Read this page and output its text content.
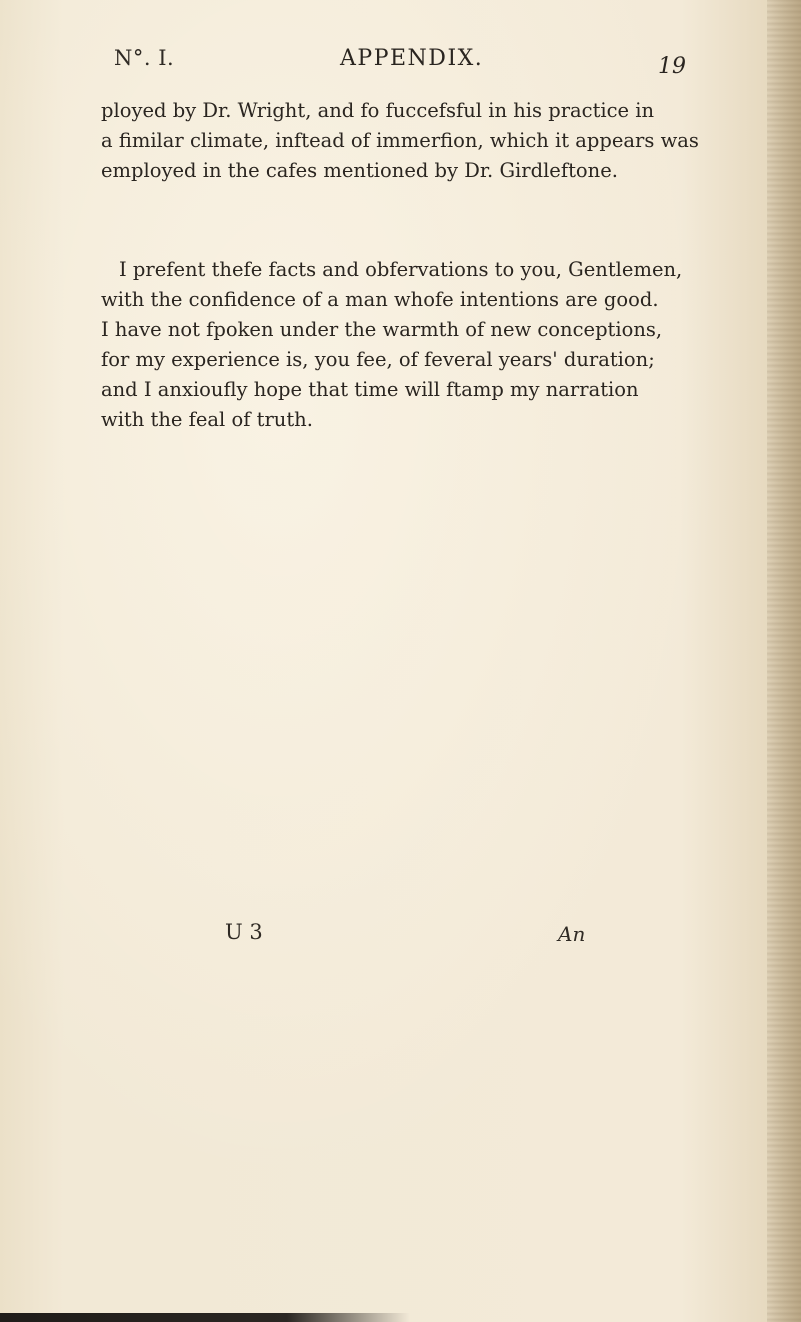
N°. I.	APPENDIX.	19
ployed by Dr. Wright, and fo fuccefsful in his practice in
a fimilar climate, inftead of immerfion, which it appears was
employed in the cafes mentioned by Dr. Girdleftone.
I prefent thefe facts and obfervations to you, Gentlemen,
with the confidence of a man whofe intentions are good.
I have not fpoken under the warmth of new conceptions,
for my experience is, you fee, of feveral years' duration;
and I anxioufly hope that time will ftamp my narration
with the feal of truth.
U 3	An
